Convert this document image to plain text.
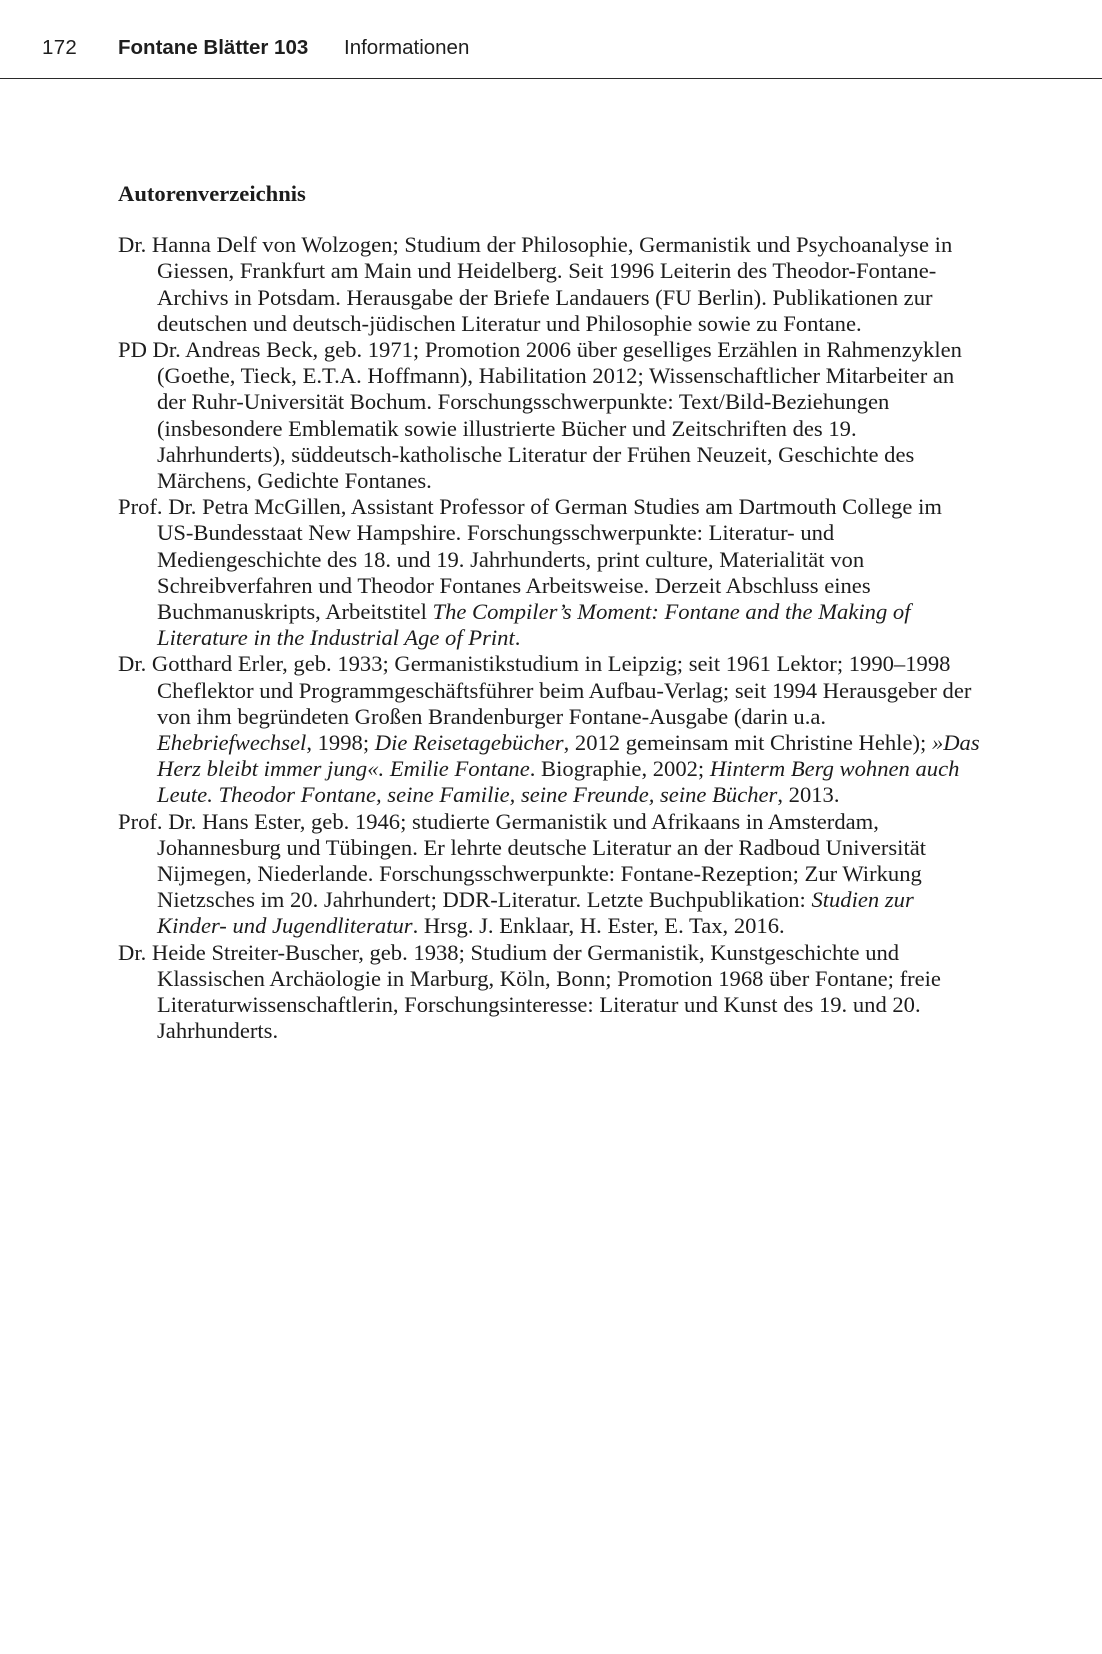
172 Fontane Blätter 103 Informationen
Autorenverzeichnis

Dr. Hanna Delf von Wolzogen; Studium der Philosophie, Germanistik und Psychoanalyse in Giessen, Frankfurt am Main und Heidelberg. Seit 1996 Leiterin des Theodor-Fontane-Archivs in Potsdam. Herausgabe der Briefe Landauers (FU Berlin). Publikationen zur deutschen und deutsch-jüdischen Literatur und Philosophie sowie zu Fontane.

PD Dr. Andreas Beck, geb. 1971; Promotion 2006 über geselliges Erzählen in Rahmenzyklen (Goethe, Tieck, E.T.A. Hoffmann), Habilitation 2012; Wissenschaftlicher Mitarbeiter an der Ruhr-Universität Bochum. Forschungsschwerpunkte: Text/Bild-Beziehungen (insbesondere Emblematik sowie illustrierte Bücher und Zeitschriften des 19. Jahrhunderts), süddeutsch-katholische Literatur der Frühen Neuzeit, Geschichte des Märchens, Gedichte Fontanes.

Prof. Dr. Petra McGillen, Assistant Professor of German Studies am Dartmouth College im US-Bundesstaat New Hampshire. Forschungsschwerpunkte: Literatur- und Mediengeschichte des 18. und 19. Jahrhunderts, print culture, Materialität von Schreibverfahren und Theodor Fontanes Arbeitsweise. Derzeit Abschluss eines Buchmanuskripts, Arbeitstitel The Compiler’s Moment: Fontane and the Making of Literature in the Industrial Age of Print.

Dr. Gotthard Erler, geb. 1933; Germanistikstudium in Leipzig; seit 1961 Lektor; 1990–1998 Cheflektor und Programmgeschäftsführer beim Aufbau-Verlag; seit 1994 Herausgeber der von ihm begründeten Großen Brandenburger Fontane-Ausgabe (darin u.a. Ehebriefwechsel, 1998; Die Reisetagebücher, 2012 gemeinsam mit Christine Hehle); »Das Herz bleibt immer jung«. Emilie Fontane. Biographie, 2002; Hinterm Berg wohnen auch Leute. Theodor Fontane, seine Familie, seine Freunde, seine Bücher, 2013.

Prof. Dr. Hans Ester, geb. 1946; studierte Germanistik und Afrikaans in Amsterdam, Johannesburg und Tübingen. Er lehrte deutsche Literatur an der Radboud Universität Nijmegen, Niederlande. Forschungsschwerpunkte: Fontane-Rezeption; Zur Wirkung Nietzsches im 20. Jahrhundert; DDR-Literatur. Letzte Buchpublikation: Studien zur Kinder- und Jugendliteratur. Hrsg. J. Enklaar, H. Ester, E. Tax, 2016.

Dr. Heide Streiter-Buscher, geb. 1938; Studium der Germanistik, Kunstgeschichte und Klassischen Archäologie in Marburg, Köln, Bonn; Promotion 1968 über Fontane; freie Literaturwissenschaftlerin, Forschungsinteresse: Literatur und Kunst des 19. und 20. Jahrhunderts.
